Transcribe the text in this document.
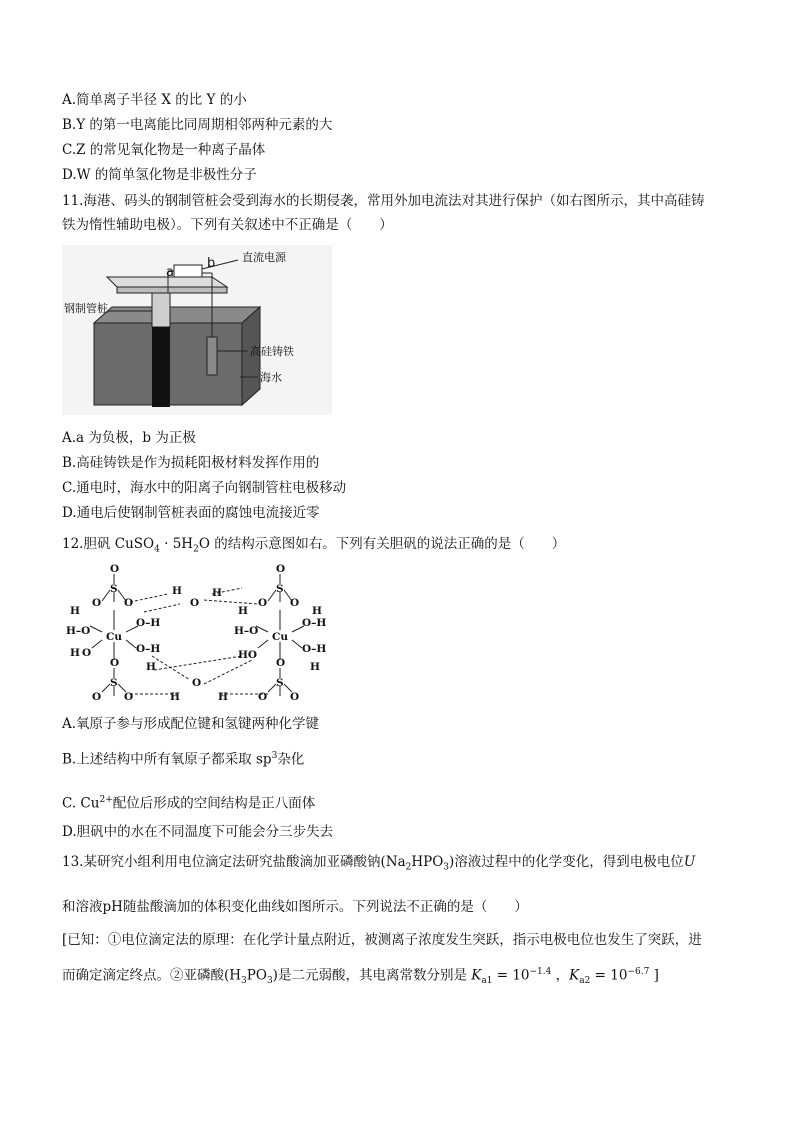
A.简单离子半径 X 的比 Y 的小
B.Y 的第一电离能比同周期相邻两种元素的大
C.Z 的常见氧化物是一种离子晶体
D.W 的简单氢化物是非极性分子
11.海港、码头的钢制管桩会受到海水的长期侵袭，常用外加电流法对其进行保护（如右图所示，其中高硅铸
铁为惰性辅助电极）。下列有关叙述中不正确是（　　）
a
b 直流电源
钢制管桩
高硅铸铁
海水
A.a 为负极，b 为正极
B.高硅铸铁是作为损耗阳极材料发挥作用的
C.通电时，海水中的阳离子向钢制管柱电极移动
D.通电后使钢制管桩表面的腐蚀电流接近零
12.胆矾 CuSO$_4$ · $5H_2O$ 的结构示意图如右。下列有关胆矾的说法正确的是（　　）
O
S
O O
O
S
O O
H
O
H
Cu	Cu
H
H–O
H O
O–H
O–H
H
H
H–O
HO
O–H
O–H
H
H
O
S
O O
O
S
O O
H
O
H
A.氧原子参与形成配位键和氢键两种化学键
B.上述结构中所有氧原子都采取 $sp^3$杂化
C. $Cu^{2+}$配位后形成的空间结构是正八面体
D.胆矾中的水在不同温度下可能会分三步失去
13.某研究小组利用电位滴定法研究盐酸滴加亚磷酸钠$(Na_2HPO_3)$溶液过程中的化学变化，得到电极电位U
和溶液pH随盐酸滴加的体积变化曲线如图所示。下列说法不正确的是（　　）
[已知：①电位滴定法的原理：在化学计量点附近，被测离子浓度发生突跃，指示电极电位也发生了突跃，进
而确定滴定终点。②亚磷酸$(H_3PO_3)$是二元弱酸，其电离常数分别是 $K_{a1} = 10^{-1.4}$ ，$K_{a2} = 10^{-6.7}$ ]
